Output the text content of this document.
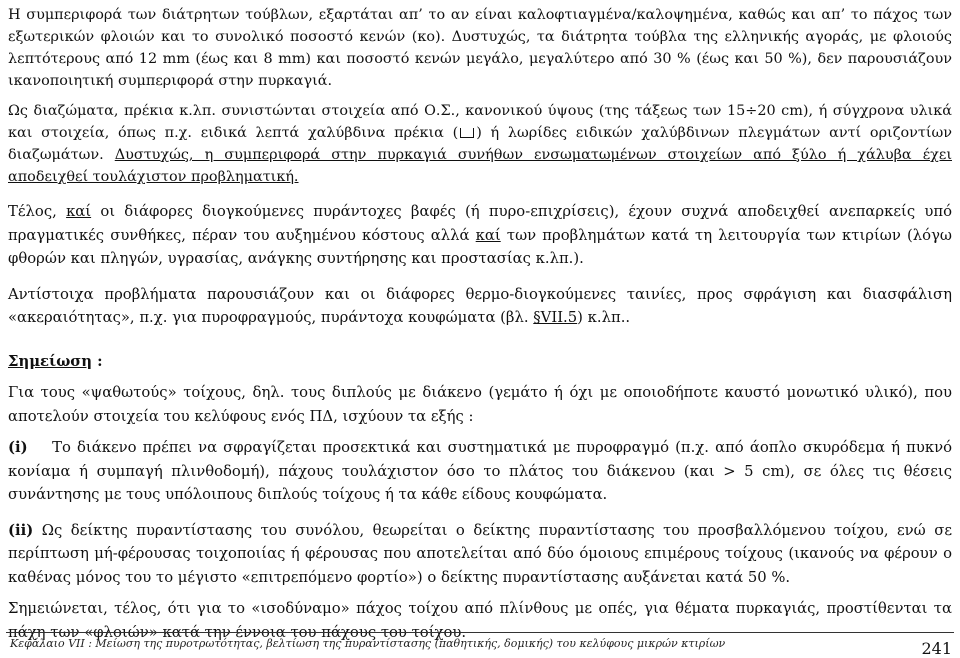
Η συμπεριφορά των διάτρητων τούβλων, εξαρτάται απ’ το αν είναι καλοφτιαγμένα/καλοψημένα, καθώς και απ’ το πάχος των εξωτερικών φλοιών και το συνολικό ποσοστό κενών (κο). Δυστυχώς, τα διάτρητα τούβλα της ελληνικής αγοράς, με φλοιούς λεπτότερους από 12 mm (έως και 8 mm) και ποσοστό κενών μεγάλο, μεγαλύτερο από 30 % (έως και 50 %), δεν παρουσιάζουν ικανοποιητική συμπεριφορά στην πυρκαγιά.

Ως διαζώματα, πρέκια κ.λπ. συνιστώνται στοιχεία από Ο.Σ., κανονικού ύψους (της τάξεως των 15÷20 cm), ή σύγχρονα υλικά και στοιχεία, όπως π.χ. ειδικά λεπτά χαλύβδινα πρέκια ( ) ή λωρίδες ειδικών χαλύβδινων πλεγμάτων αντί οριζοντίων διαζωμάτων. Δυστυχώς, η συμπεριφορά στην πυρκαγιά συνήθων ενσωματωμένων στοιχείων από ξύλο ή χάλυβα έχει αποδειχθεί τουλάχιστον προβληματική.

Τέλος, καί οι διάφορες διογκούμενες πυράντοχες βαφές (ή πυρο-επιχρίσεις), έχουν συχνά αποδειχθεί ανεπαρκείς υπό πραγματικές συνθήκες, πέραν του αυξημένου κόστους αλλά καί των προβλημάτων κατά τη λειτουργία των κτιρίων (λόγω φθορών και πληγών, υγρασίας, ανάγκης συντήρησης και προστασίας κ.λπ.).

Αντίστοιχα προβλήματα παρουσιάζουν και οι διάφορες θερμο-διογκούμενες ταινίες, προς σφράγιση και διασφάλιση «ακεραιότητας», π.χ. για πυροφραγμούς, πυράντοχα κουφώματα (βλ. §VII.5) κ.λπ..

Σημείωση :

Για τους «ψαθωτούς» τοίχους, δηλ. τους διπλούς με διάκενο (γεμάτο ή όχι με οποιοδήποτε καυστό μονωτικό υλικό), που αποτελούν στοιχεία του κελύφους ενός ΠΔ, ισχύουν τα εξής :

(i) Το διάκενο πρέπει να σφραγίζεται προσεκτικά και συστηματικά με πυροφραγμό (π.χ. από άοπλο σκυρόδεμα ή πυκνό κονίαμα ή συμπαγή πλινθοδομή), πάχους τουλάχιστον όσο το πλάτος του διάκενου (και > 5 cm), σε όλες τις θέσεις συνάντησης με τους υπόλοιπους διπλούς τοίχους ή τα κάθε είδους κουφώματα.

(ii) Ως δείκτης πυραντίστασης του συνόλου, θεωρείται ο δείκτης πυραντίστασης του προσβαλλόμενου τοίχου, ενώ σε περίπτωση μή-φέρουσας τοιχοποιίας ή φέρουσας που αποτελείται από δύο όμοιους επιμέρους τοίχους (ικανούς να φέρουν ο καθένας μόνος του το μέγιστο «επιτρεπόμενο φορτίο») ο δείκτης πυραντίστασης αυξάνεται κατά 50 %.

Σημειώνεται, τέλος, ότι για το «ισοδύναμο» πάχος τοίχου από πλίνθους με οπές, για θέματα πυρκαγιάς, προστίθενται τα πάχη των «φλοιών» κατά την έννοια του πάχους του τοίχου.

Κεφάλαιο VII : Μείωση της πυροτρωτότητας, βελτίωση της πυραντίστασης (παθητικής, δομικής) του κελύφους μικρών κτιρίων	241
